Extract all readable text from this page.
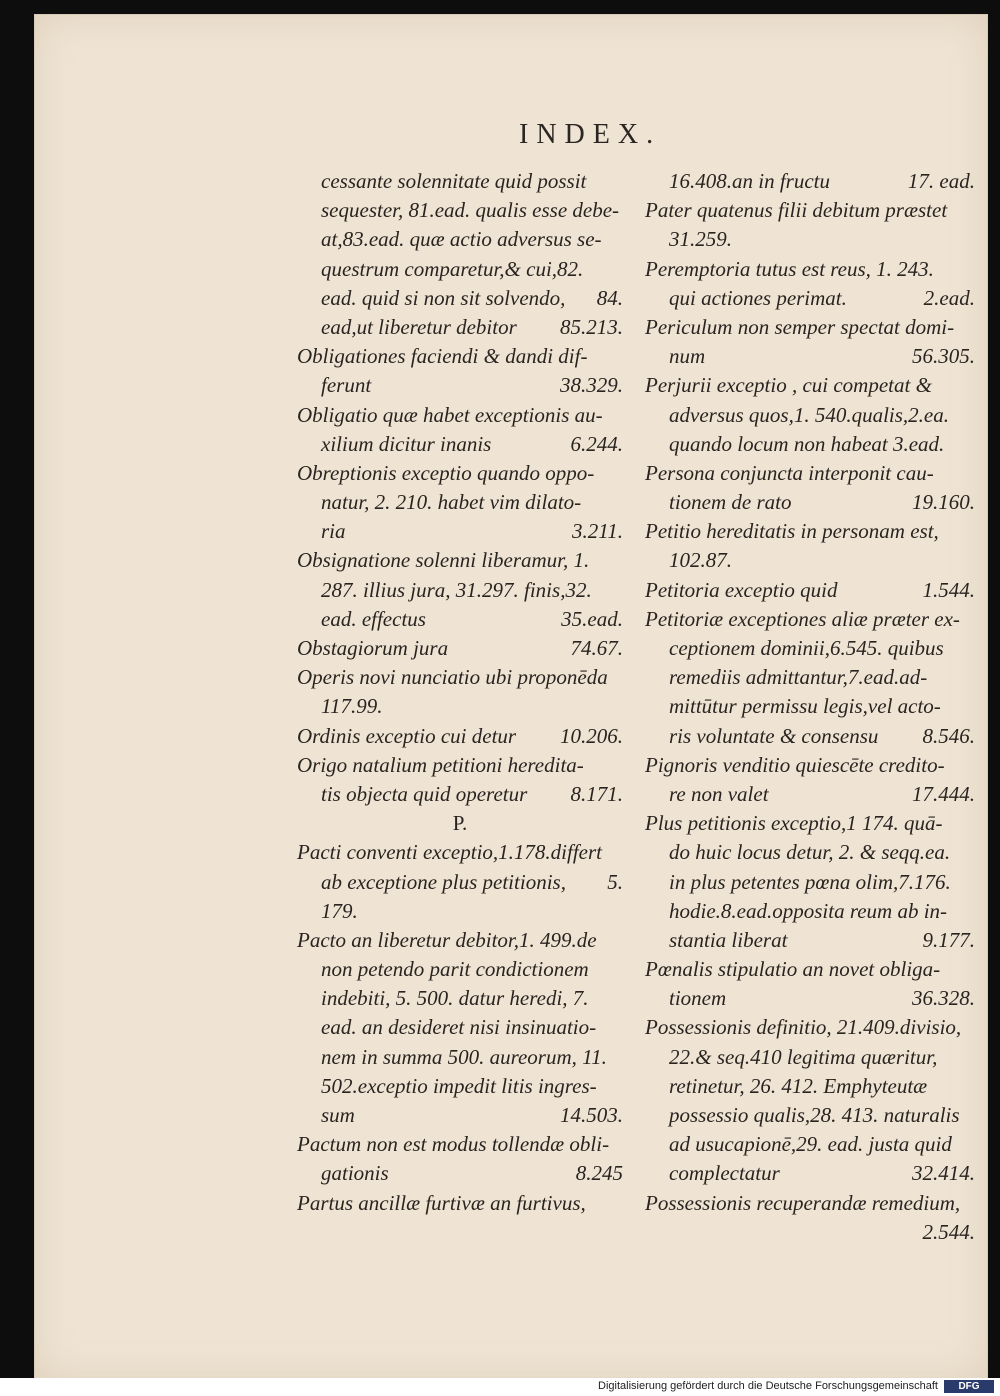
INDEX.
cessante solennitate quid possit
sequester, 81.ead. qualis esse debe-
at,83.ead. quæ actio adversus se-
questrum comparetur,& cui,82.
ead. quid si non sit solvendo, 84.
ead,ut liberetur debitor 85.213.
Obligationes faciendi & dandi dif-
ferunt	38.329.
Obligatio quæ habet exceptionis au-
xilium dicitur inanis	6.244.
Obreptionis exceptio quando oppo-
natur, 2. 210. habet vim dilato-
ria	3.211.
Obsignatione solenni liberamur, 1.
287. illius jura, 31.297. finis,32.
ead. effectus	35.ead.
Obstagiorum jura	74.67.
Operis novi nunciatio ubi proponēda
117.99.
Ordinis exceptio cui detur 10.206.
Origo natalium petitioni heredita-
tis objecta quid operetur 8.171.
P.
Pacti conventi exceptio,1.178.differt
ab exceptione plus petitionis, 5.
179.
Pacto an liberetur debitor,1. 499.de
non petendo parit condictionem
indebiti, 5. 500. datur heredi, 7.
ead. an desideret nisi insinuatio-
nem in summa 500. aureorum, 11.
502.exceptio impedit litis ingres-
sum	14.503.
Pactum non est modus tollendæ obli-
gationis	8.245
Partus ancillæ furtivæ an furtivus,
16.408.an in fructu	17. ead.
Pater quatenus filii debitum præstet
31.259.
Peremptoria tutus est reus, 1. 243.
qui actiones perimat.	2.ead.
Periculum non semper spectat domi-
num	56.305.
Perjurii exceptio , cui competat &
adversus quos,1. 540.qualis,2.ea.
quando locum non habeat 3.ead.
Persona conjuncta interponit cau-
tionem de rato	19.160.
Petitio hereditatis in personam est,
102.87.
Petitoria exceptio quid	1.544.
Petitoriæ exceptiones aliæ præter ex-
ceptionem dominii,6.545. quibus
remediis admittantur,7.ead.ad-
mittūtur permissu legis,vel acto-
ris voluntate & consensu 8.546.
Pignoris venditio quiescēte credito-
re non valet	17.444.
Plus petitionis exceptio,1 174. quā-
do huic locus detur, 2. & seqq.ea.
in plus petentes pœna olim,7.176.
hodie.8.ead.opposita reum ab in-
stantia liberat	9.177.
Pœnalis stipulatio an novet obliga-
tionem	36.328.
Possessionis definitio, 21.409.divisio,
22.& seq.410 legitima quæritur,
retinetur, 26. 412. Emphyteutæ
possessio qualis,28. 413. naturalis
ad usucapionē,29. ead. justa quid
complectatur	32.414.
Possessionis recuperandæ remedium,
2.544.
Digitalisierung gefördert durch die Deutsche Forschungsgemeinschaft	DFG
